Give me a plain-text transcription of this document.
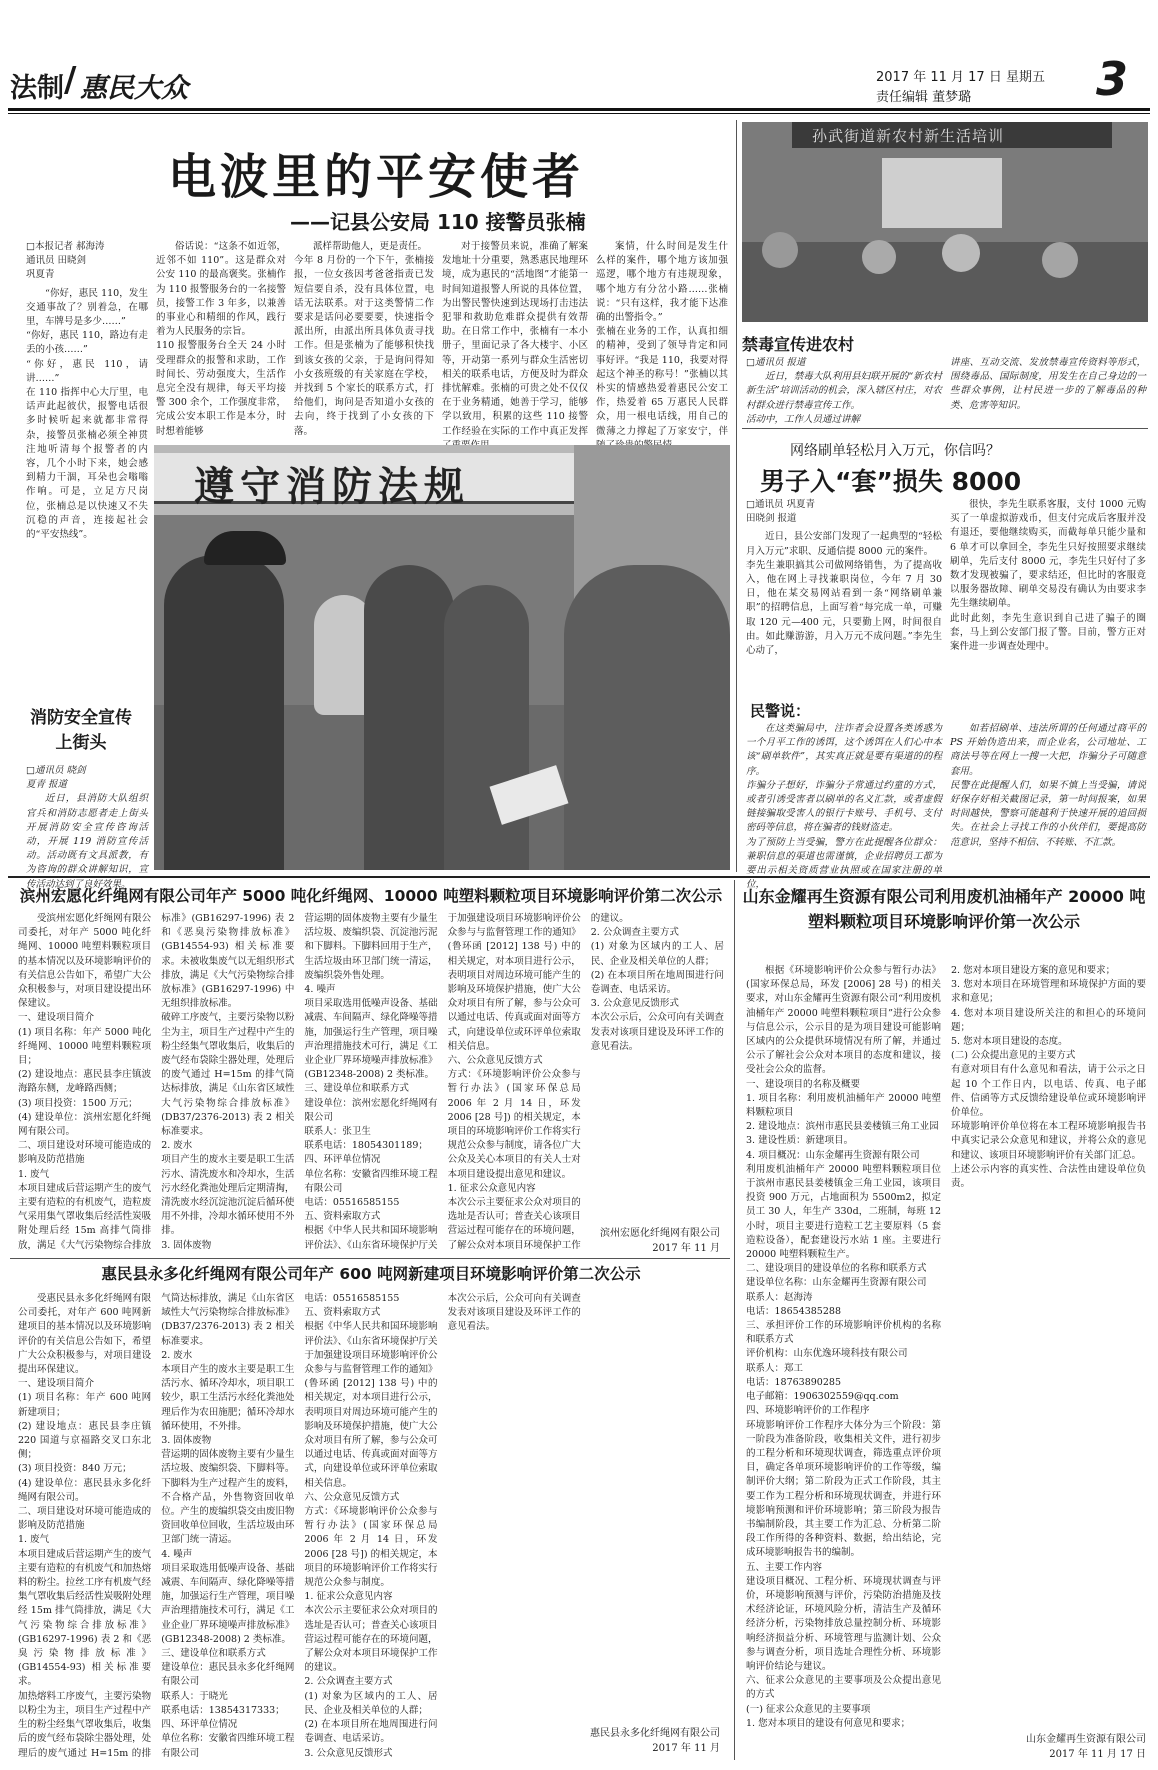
法制 / 惠民大众	2017 年 11 月 17 日 星期五
责任编辑 董梦璐	3
电波里的平安使者
——记县公安局 110 接警员张楠

□本报记者 郝海涛
通讯员 田晓剑
巩夏青

“你好，惠民 110，发生交通事故了？别着急，在哪里，车牌号是多少……”
“你好，惠民 110，路边有走丢的小孩……”
“你好，惠民 110，请讲……”
在 110 指挥中心大厅里，电话声此起彼伏，报警电话很多时候听起来就都非常得杂，接警员张楠必须全神贯注地听清每个报警者的内容，几个小时下来，她会感到精力干涸，耳朵也会嗡嗡作响。可是，立足方尺岗位，张楠总是以快速又不失沉稳的声音，连接起社会的“平安热线”。

俗话说：“这条不如近邻，近邻不如 110”。这是群众对公安 110 的最高褒奖。张楠作为 110 报警服务台的一名接警员，接警工作 3 年多，以兼善的事业心和精细的作风，践行着为人民服务的宗旨。
110 报警服务台全天 24 小时受理群众的报警和求助，工作时间长、劳动强度大，生活作息完全没有规律，每天平均接警 300 余个，工作强度非常，完成公安本职工作是本分，时时想着能够

派样帮助他人，更是责任。
今年 8 月份的一个下午，张楠接报，一位女孩因考爸爸指责已发短信要自杀，没有具体位置，电话无法联系。对于这类警情二作要求是话问必要要要，快速指令派出所，由派出所具体负责寻找工作。但是张楠为了能够积快找到该女孩的父亲，于是询问得知小女孩班级的有关家庭在学校，并找到 5 个家长的联系方式，打给他们，询问是否知道小女孩的去向，终于找到了小女孩的下落。

对于接警员来说，准确了解案发地址十分重要，熟悉惠民地理环境，成为惠民的“活地图”才能第一时间知道报警人所说的具体位置，为出警民警快速到达现场打击违法犯罪和救助危难群众提供有效帮助。在日常工作中，张楠有一本小册子，里面记录了各大楼宇、小区等，开动第一系列与群众生活密切相关的联系电话，方便及时为群众排忧解难。张楠的可贵之处不仅仅在于业务精通，她善于学习，能够学以致用，积累的这些 110 接警工作经验在实际的工作中真正发挥

案情，什么时间是发生什么样的案件，哪个地方该加强巡逻，哪个地方有违规现象，哪个地方有分岔小路……张楠说：“只有这样，我才能下达准确的出警指令。”
张楠在业务的工作，认真扣细的精神，受到了领导肯定和同事好评。“我是 110，我要对得起这个神圣的称号！”张楠以其朴实的情感热爱着惠民公安工作，热爱着 65 万惠民人民群众，用一根电话线，用自己的微薄之力撑起了万家安宁，伴

遵守消防法规
消防安全宣传
上街头

□通讯员 晓剑
夏青 报道

近日，县消防大队组织官兵和消防志愿者走上街头开展消防安全宣传咨询活动，开展 119 消防宣传活动。活动既有文具派教，有为咨询的群众讲解知识，宣传活动达到了良好效果。

孙武街道新农村新生活培训
禁毒宣传进农村

□通讯员 报道

近日，禁毒大队利用县妇联开展的“新农村新生活”培训活动的机会，深入辖区村庄，对农村群众进行禁毒宣传工作。
活动中，工作人员通过讲解

讲座、互动交流、发放禁毒宣传资料等形式，围绕毒品、国际制度，用发生在自己身边的一些群众事例，让村民进一步的了解毒品的种类、危害等知识。

网络刷单轻松月入万元，你信吗？
男子入“套”损失 8000

□通讯员 巩夏青
田晓剑 报道

近日，县公安部门发现了一起典型的“轻松月入万元”求职、反通信提 8000 元的案件。
李先生兼职搞其公司做网络销售，为了提高收入，他在网上寻找兼职岗位，今年 7 月 30 日，他在某交易网站看到一条“网络刷单兼职”的招聘信息，上面写着“每完成一单，可赚取 120 元—400 元，只要勤上网，时间很自由。如此赚游游，月入万元不成问题。”李先生心动了，

很快，李先生联系客服，支付 1000 元购买了一单虚拟游戏币，但支付完成后客服并没有退还，要他继续购买，而截每单只能少量和 6 单才可以拿回全，李先生只好按照要求继续刷单，先后支付 8000 元，李先生只好付了多数才发现被骗了，要求结还，但比时的客服竟以服务器故障、刷单交易没有确认为由要求李先生继续刷单。
此时此刻，李先生意识到自己进了骗子的圈套，马上到公安部门报了警。目前，警方正对案件进一步调查处理中。

民警说：

在这类骗局中，注诈者会设置各类诱惑为一个月平工作的诱饵，这个诱饵在人们心中本该“刷单软件”，其实真正就是要有渠道的的程序。
诈骗分子想好，诈骗分子常通过约童的方式，或者引诱受害者以刷单的名义汇款，或者虚假链接骗取受害人的银行卡账号、手机号、支付密码等信息，将在骗者的钱财盗走。
为了预防上当受骗，警方在此提醒各位群众：兼职信息的渠道也需谨慎，企业招聘员工都为要出示相关资质营业执照或在国家注册的单位，

如若招刷单、违法所谓的任何通过商平的 PS 开始伪造出来，而企业名，公司地址、工商法号等在网上一搜一大把，诈骗分子可随意套用。
民警在此提醒人们，如果不慎上当受骗，请说好保存好相关截图记录，第一时间报案，如果时间越快，警察可能越利于快速开展的追回损失。在社会上寻找工作的小伙伴们，要提高防范意识，坚持不相信、不转账、不汇款。

滨州宏愿化纤绳网有限公司年产 5000 吨化纤绳网、10000 吨塑料颗粒项目环境影响评价第二次公示

受滨州宏愿化纤绳网有限公司委托，对年产 5000 吨化纤绳网、10000 吨塑料颗粒项目的基本情况以及环境影响评价的有关信息公告如下，希望广大公众积极参与，对项目建设提出环保建议。
一、建设项目简介
(1) 项目名称：年产 5000 吨化纤绳网、10000 吨塑料颗粒项目；
(2) 建设地点：惠民县李庄镇波海路东侧，龙峰路西侧；
(3) 项目投资：1500 万元；
(4) 建设单位：滨州宏愿化纤绳网有限公司。
二、项目建设对环境可能造成的影响及防范措施
1. 废气
本项目建成后营运期产生的废气主要有造粒的有机废气，造粒废气采用集气罩收集后经活性炭吸附处理后经 15m 高排气筒排放，满足《大气污染物综合排放标准》(GB16297-1996) 表 2 和《恶臭污染物排放标准》(GB14554-93) 相关标准要求。未被收集废气以无组织形式排放，满足《大气污染物综合排放标准》(GB16297-1996) 中无组织排放标准。
破碎工序废气，主要污染物以粉尘为主，项目生产过程中产生的粉尘经集气罩收集后，收集后的废气经布袋除尘器处理，处理后的废气通过 H=15m 的排气筒达标排放，满足《山东省区域性大气污染物综合排放标准》(DB37/2376-2013) 表 2 相关标准要求。
2. 废水
项目产生的废水主要是职工生活污水、清洗废水和冷却水，生活污水经化粪池处理后定期清掏，清洗废水经沉淀池沉淀后循环使用不外排，冷却水循环使用不外排。
3. 固体废物
营运期的固体废物主要有少量生活垃圾、废编织袋、沉淀池污泥和下脚料。下脚料回用于生产，生活垃圾由环卫部门统一清运，废编织袋外售处理。
4. 噪声
项目采取选用低噪声设备、基础减震、车间隔声、绿化降噪等措施，加强运行生产管理，项目噪声治理措施技术可行，满足《工业企业厂界环境噪声排放标准》(GB12348-2008) 2 类标准。
三、建设单位和联系方式
建设单位：滨州宏愿化纤绳网有限公司
联系人：张卫生
联系电话：18054301189；
四、环评单位情况
单位名称：安徽省四维环境工程有限公司
电话：05516585155
五、资料索取方式
根据《中华人民共和国环境影响评价法》、《山东省环境保护厅关于加强建设项目环境影响评价公众参与与监督管理工作的通知》(鲁环函 [2012] 138 号) 中的相关规定，对本项目进行公示，表明项目对周边环境可能产生的影响及环境保护措施，使广大公众对项目有所了解，参与公众可以通过电话、传真或面对面等方式，向建设单位或环评单位索取相关信息。
六、公众意见反馈方式
方式：《环境影响评价公众参与暂行办法》(国家环保总局 2006 年 2 月 14 日，环发 2006 [28 号]) 的相关规定，本项目的环境影响评价工作将实行规范公众参与制度，请各位广大公众及关心本项目的有关人士对本项目建设提出意见和建议。
1. 征求公众意见内容
本次公示主要征求公众对项目的选址是否认可；普查关心该项目营运过程可能存在的环境问题，了解公众对本项目环境保护工作的建议。
2. 公众调查主要方式
(1) 对象为区域内的工人、居民、企业及相关单位的人群；
(2) 在本项目所在地周围进行问卷调查、电话采访。
3. 公众意见反馈形式
本次公示后，公众可向有关调查发表对该项目建设及环评工作的意见看法。

滨州宏愿化纤绳网有限公司
2017 年 11 月
惠民县永多化纤绳网有限公司年产 600 吨网新建项目环境影响评价第二次公示

受惠民县永多化纤绳网有限公司委托，对年产 600 吨网新建项目的基本情况以及环境影响评价的有关信息公告如下，希望广大公众积极参与，对项目建设提出环保建议。
一、建设项目简介
(1) 项目名称：年产 600 吨网新建项目；
(2) 建设地点：惠民县李庄镇 220 国道与京福路交叉口东北侧；
(3) 项目投资：840 万元；
(4) 建设单位：惠民县永多化纤绳网有限公司。
二、项目建设对环境可能造成的影响及防范措施
1. 废气
本项目建成后营运期产生的废气主要有造粒的有机废气和加热熔料的粉尘。拉丝工序有机废气经集气罩收集后经活性炭吸附处理经 15m 排气筒排放，满足《大气污染物综合排放标准》(GB16297-1996) 表 2 和《恶臭污染物排放标准》(GB14554-93) 相关标准要求。
加热熔料工序废气，主要污染物以粉尘为主，项目生产过程中产生的粉尘经集气罩收集后，收集后的废气经布袋除尘器处理，处理后的废气通过 H=15m 的排气筒达标排放，满足《山东省区域性大气污染物综合排放标准》(DB37/2376-2013) 表 2 相关标准要求。
2. 废水
本项目产生的废水主要是职工生活污水、循环冷却水，项目职工较少，职工生活污水经化粪池处理后作为农田施肥；循环冷却水循环使用，不外排。
3. 固体废物
营运期的固体废物主要有少量生活垃圾、废编织袋、下脚料等。下脚料为生产过程产生的废料，不合格产品，外售物资回收单位。产生的废编织袋交由废旧物资回收单位回收，生活垃圾由环卫部门统一清运。
4. 噪声
项目采取选用低噪声设备、基础减震、车间隔声、绿化降噪等措施，加强运行生产管理，项目噪声治理措施技术可行，满足《工业企业厂界环境噪声排放标准》(GB12348-2008) 2 类标准。
三、建设单位和联系方式
建设单位：惠民县永多化纤绳网有限公司
联系人：于晓光
联系电话：13854317333；
四、环评单位情况
单位名称：安徽省四维环境工程有限公司
电话：05516585155
五、资料索取方式
根据《中华人民共和国环境影响评价法》、《山东省环境保护厅关于加强建设项目环境影响评价公众参与与监督管理工作的通知》(鲁环函 [2012] 138 号) 中的相关规定，对本项目进行公示，表明项目对周边环境可能产生的影响及环境保护措施，使广大公众对项目有所了解，参与公众可以通过电话、传真或面对面等方式，向建设单位或环评单位索取相关信息。
六、公众意见反馈方式
方式：《环境影响评价公众参与暂行办法》(国家环保总局 2006 年 2 月 14 日，环发 2006 [28 号]) 的相关规定，本项目的环境影响评价工作将实行规范公众参与制度。
1. 征求公众意见内容
本次公示主要征求公众对项目的选址是否认可；普查关心该项目营运过程可能存在的环境问题，了解公众对本项目环境保护工作的建议。
2. 公众调查主要方式
(1) 对象为区域内的工人、居民、企业及相关单位的人群；
(2) 在本项目所在地周围进行问卷调查、电话采访。
3. 公众意见反馈形式
本次公示后，公众可向有关调查发表对该项目建设及环评工作的意见看法。

惠民县永多化纤绳网有限公司
2017 年 11 月
山东金耀再生资源有限公司利用废机油桶年产 20000 吨塑料颗粒项目环境影响评价第一次公示

根据《环境影响评价公众参与暂行办法》(国家环保总局，环发 [2006] 28 号) 的相关要求，对山东金耀再生资源有限公司“利用废机油桶年产 20000 吨塑料颗粒项目”进行公众参与信息公示，公示目的是为项目建设可能影响区域内的公众提供环境情况有所了解，并通过公示了解社会公众对本项目的态度和建议，接受社会公众的监督。
一、建设项目的名称及概要
1. 项目名称：利用废机油桶年产 20000 吨塑料颗粒项目
2. 建设地点：滨州市惠民县姜楼镇三角工业园
3. 建设性质：新建项目。
4. 项目概况：山东金耀再生资源有限公司
利用废机油桶年产 20000 吨塑料颗粒项目位于滨州市惠民县姜楼镇金三角工业园，该项目投资 900 万元，占地面积为 5500m2，拟定员工 30 人，年生产 330d，二班制，每班 12 小时，项目主要进行造粒工艺主要原料（5 套造粒设备），配套建设污水站 1 座。主要进行 20000 吨塑料颗粒生产。
二、建设项目的建设单位的名称和联系方式
建设单位名称：山东金耀再生资源有限公司
联系人：赵海涛
电话：18654385288
三、承担评价工作的环境影响评价机构的名称和联系方式
评价机构：山东优逸环境科技有限公司
联系人：郑工
电话：18763890285
电子邮箱：1906302559@qq.com
四、环境影响评价的工作程序
环境影响评价工作程序大体分为三个阶段：第一阶段为准备阶段，收集相关文件，进行初步的工程分析和环境现状调查，筛选重点评价项目，确定各单项环境影响评价的工作等级，编制评价大纲；第二阶段为正式工作阶段，其主要工作为工程分析和环境现状调查，并进行环境影响预测和评价环境影响；第三阶段为报告书编制阶段，其主要工作为汇总、分析第二阶段工作所得的各种资料、数据，给出结论，完成环境影响报告书的编制。
五、主要工作内容
建设项目概况、工程分析、环境现状调查与评价，环境影响预测与评价，污染防治措施及技术经济论证，环境风险分析，清洁生产及循环经济分析，污染物排放总量控制分析、环境影响经济损益分析、环境管理与监测计划、公众参与调查分析，项目选址合理性分析、环境影响评价结论与建议。
六、征求公众意见的主要事项及公众提出意见的方式
(一) 征求公众意见的主要事项
1. 您对本项目的建设有何意见和要求；
2. 您对本项目建设方案的意见和要求；
3. 您对本项目在环境管理和环境保护方面的要求和意见；
4. 您对本项目建设所关注的和担心的环境问题；
5. 您对本项目建设的态度。
(二) 公众提出意见的主要方式
有意对项目有什么意见和看法，请于公示之日起 10 个工作日内，以电话、传真、电子邮件、信函等方式反馈给建设单位或环境影响评价单位。
环境影响评价单位将在本工程环境影响报告书中真实记录公众意见和建议，并将公众的意见和建议、该项目环境影响评价有关部门汇总。
上述公示内容的真实性、合法性由建设单位负责。

山东金耀再生资源有限公司
2017 年 11 月 17 日
